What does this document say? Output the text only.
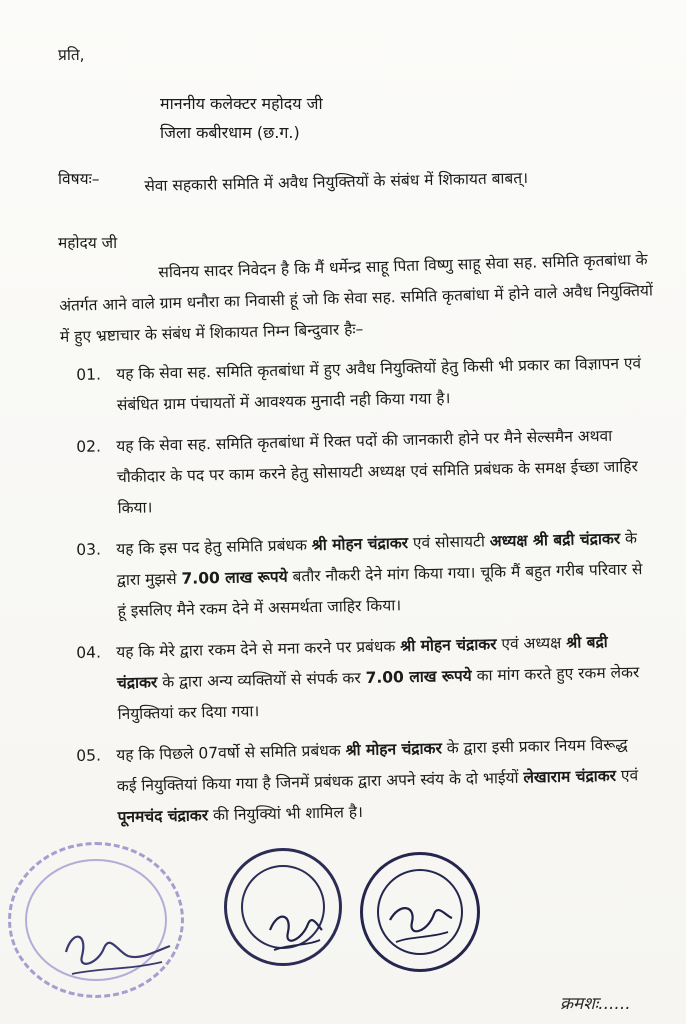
प्रति,
माननीय कलेक्टर महोदय जी
जिला कबीरधाम (छ.ग.)
विषयः–	सेवा सहकारी समिति में अवैध नियुक्तियों के संबंध में शिकायत बाबत्।
महोदय जी
सविनय सादर निवेदन है कि मैं धर्मेन्द्र साहू पिता विष्णु साहू सेवा सह. समिति कृतबांधा के अंतर्गत आने वाले ग्राम धनौरा का निवासी हूं जो कि सेवा सह. समिति कृतबांधा में होने वाले अवैध नियुक्तियों में हुए भ्रष्टाचार के संबंध में शिकायत निम्न बिन्दुवार हैः–
01. यह कि सेवा सह. समिति कृतबांधा में हुए अवैध नियुक्तियों हेतु किसी भी प्रकार का विज्ञापन एवं संबंधित ग्राम पंचायतों में आवश्यक मुनादी नही किया गया है।
02. यह कि सेवा सह. समिति कृतबांधा में रिक्त पदों की जानकारी होने पर मैने सेल्समैन अथवा चौकीदार के पद पर काम करने हेतु सोसायटी अध्यक्ष एवं समिति प्रबंधक के समक्ष ईच्छा जाहिर किया।
03. यह कि इस पद हेतु समिति प्रबंधक श्री मोहन चंद्राकर एवं सोसायटी अध्यक्ष श्री बद्री चंद्राकर के द्वारा मुझसे 7.00 लाख रूपये बतौर नौकरी देने मांग किया गया। चूकि मैं बहुत गरीब परिवार से हूं इसलिए मैने रकम देने में असमर्थता जाहिर किया।
04. यह कि मेरे द्वारा रकम देने से मना करने पर प्रबंधक श्री मोहन चंद्राकर एवं अध्यक्ष श्री बद्री चंद्राकर के द्वारा अन्य व्यक्तियों से संपर्क कर 7.00 लाख रूपये का मांग करते हुए रकम लेकर नियुक्तियां कर दिया गया।
05. यह कि पिछले 07वर्षो से समिति प्रबंधक श्री मोहन चंद्राकर के द्वारा इसी प्रकार नियम विरूद्ध कई नियुक्तियां किया गया है जिनमें प्रबंधक द्वारा अपने स्वंय के दो भाईयों लेखाराम चंद्राकर एवं पूनमचंद चंद्राकर की नियुक्यिां भी शामिल है।
क्रमशः......
